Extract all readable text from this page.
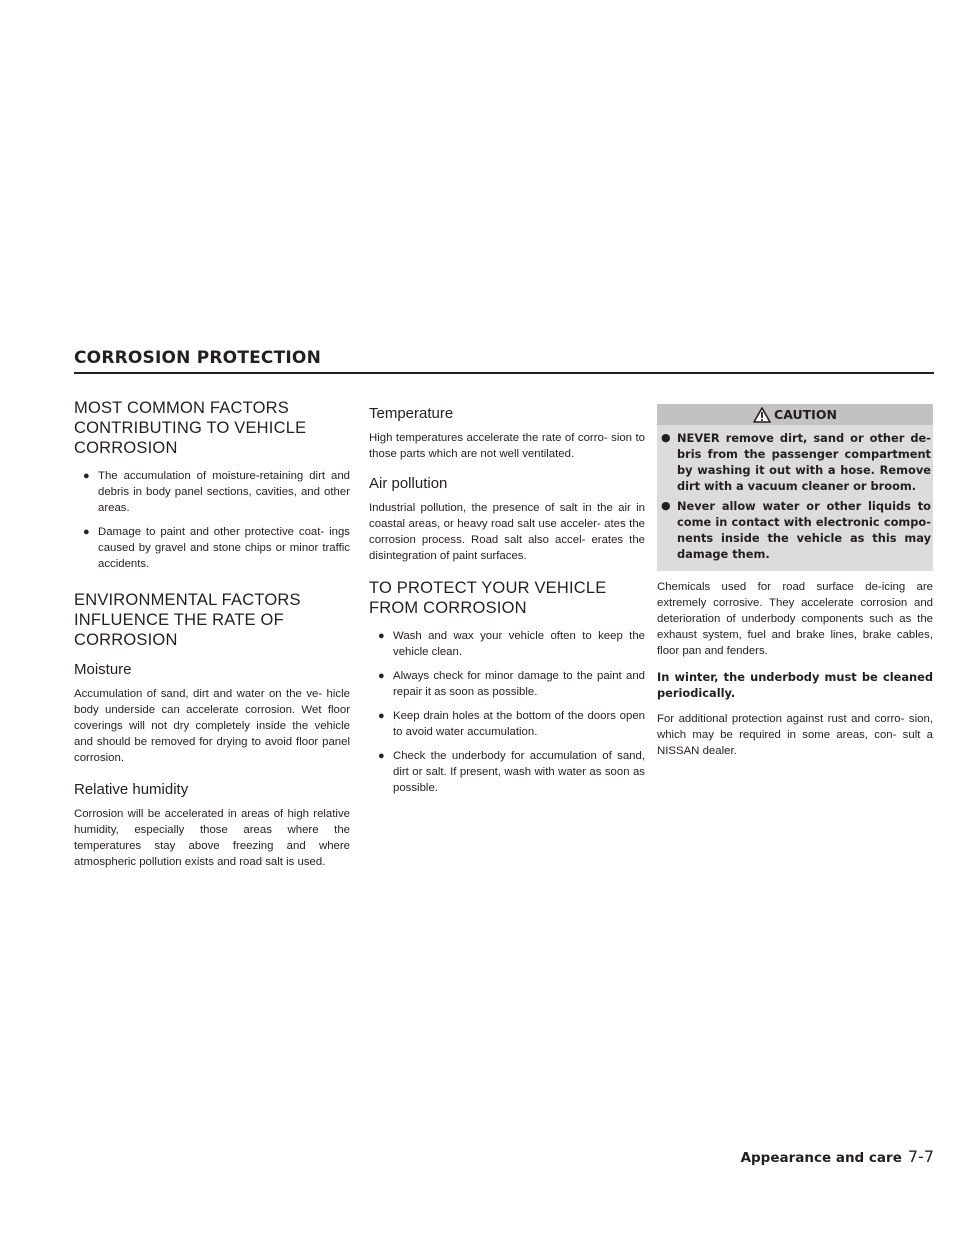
CORROSION PROTECTION
MOST COMMON FACTORS CONTRIBUTING TO VEHICLE CORROSION
● The accumulation of moisture-retaining dirt and debris in body panel sections, cavities, and other areas.
● Damage to paint and other protective coat- ings caused by gravel and stone chips or minor traffic accidents.
ENVIRONMENTAL FACTORS INFLUENCE THE RATE OF CORROSION
Moisture

Accumulation of sand, dirt and water on the ve- hicle body underside can accelerate corrosion. Wet floor coverings will not dry completely inside the vehicle and should be removed for drying to avoid floor panel corrosion.

Relative humidity

Corrosion will be accelerated in areas of high relative humidity, especially those areas where the temperatures stay above freezing and where atmospheric pollution exists and road salt is used.

Temperature

High temperatures accelerate the rate of corro- sion to those parts which are not well ventilated.

Air pollution

Industrial pollution, the presence of salt in the air in coastal areas, or heavy road salt use acceler- ates the corrosion process. Road salt also accel- erates the disintegration of paint surfaces.

TO PROTECT YOUR VEHICLE FROM CORROSION
● Wash and wax your vehicle often to keep the vehicle clean.
● Always check for minor damage to the paint and repair it as soon as possible.
● Keep drain holes at the bottom of the doors open to avoid water accumulation.
● Check the underbody for accumulation of sand, dirt or salt. If present, wash with water as soon as possible.
CAUTION
● NEVER remove dirt, sand or other de- bris from the passenger compartment by washing it out with a hose. Remove dirt with a vacuum cleaner or broom.
● Never allow water or other liquids to come in contact with electronic compo- nents inside the vehicle as this may damage them.

Chemicals used for road surface de-icing are extremely corrosive. They accelerate corrosion and deterioration of underbody components such as the exhaust system, fuel and brake lines, brake cables, floor pan and fenders.

In winter, the underbody must be cleaned periodically.

For additional protection against rust and corro- sion, which may be required in some areas, con- sult a NISSAN dealer.

Appearance and care 7-7
